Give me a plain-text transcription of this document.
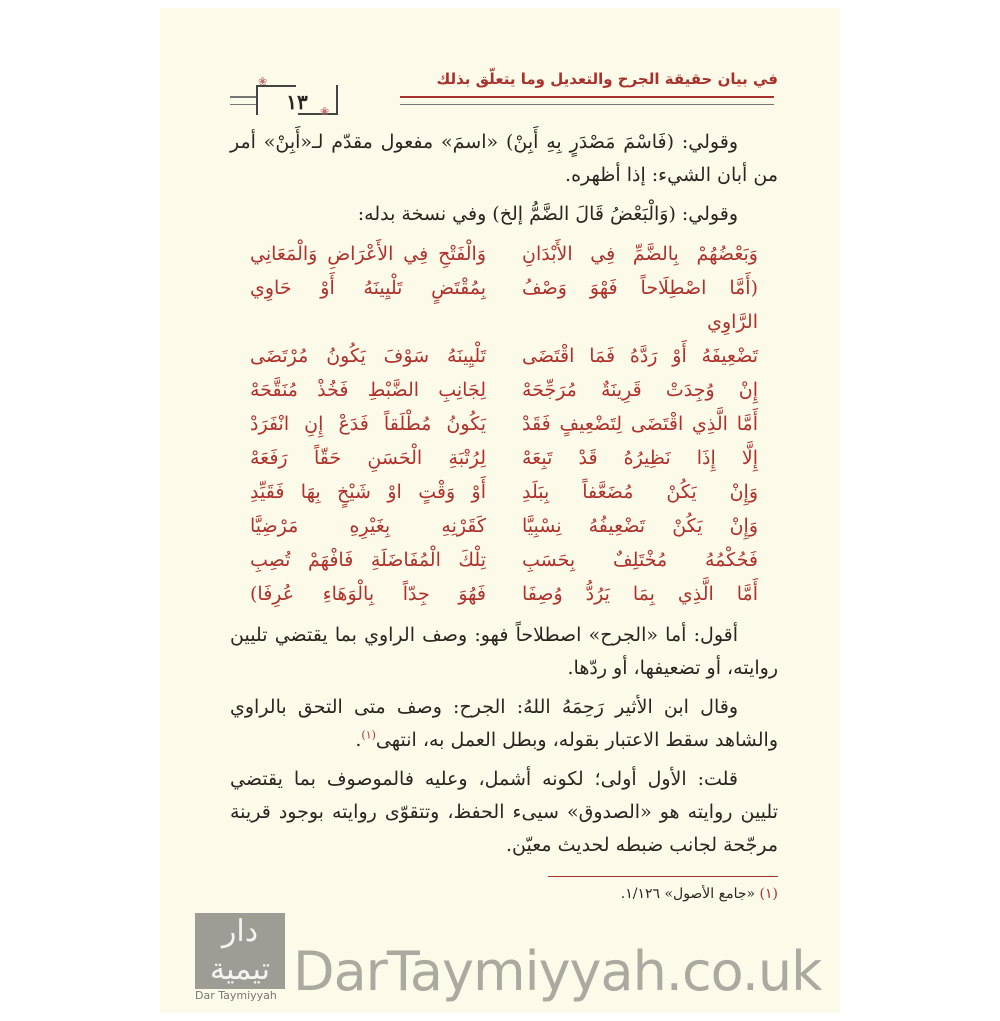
في بيان حقيقة الجرح والتعديل وما يتعلّق بذلك
١٣
❀
❀
وقولي: (فَاسْمَ مَصْدَرٍ بِهِ أَبِنْ) «اسمَ» مفعول مقدّم لـ«أَبِنْ» أمر من أبان الشيء: إذا أظهره.
وقولي: (وَالْبَعْضُ قَالَ الضَّمُّ إلخ) وفي نسخة بدله:
وَبَعْضُهُمْ بِالضَّمِّ فِي الأَبْدَانِ
وَالْفَتْحِ فِي الأَعْرَاضِ وَالْمَعَانِي
(أَمَّا اصْطِلَاحاً فَهْوَ وَصْفُ الرَّاوِي
بِمُقْتَضٍ تَلْيِينَهُ أَوْ حَاوِي
تَضْعِيفَهُ أَوْ رَدَّهُ فَمَا اقْتَضَى
تَلْيِينَهُ سَوْفَ يَكُونُ مُرْتَضَى
إِنْ وُجِدَتْ قَرِينَةٌ مُرَجِّحَهْ
لِجَانِبِ الضَّبْطِ فَخُذْ مُنَقَّحَهْ
أَمَّا الَّذِي اقْتَضَى لِتَضْعِيفٍ فَقَدْ
يَكُونُ مُطْلَقاً فَدَعْ إِنِ انْفَرَدْ
إِلَّا إِذَا نَظِيرُهُ قَدْ تَبِعَهْ
لِرُتْبَةِ الْحَسَنِ حَقّاً رَفَعَهْ
وَإِنْ يَكُنْ مُضَعَّفاً بِبَلَدِ
أَوْ وَقْتٍ اوْ شَيْخٍ بِهَا فَقَيِّدِ
وَإِنْ يَكُنْ تَضْعِيفُهُ نِسْبِيَّا
كَقَرْنِهِ بِغَيْرِهِ مَرْضِيَّا
فَحُكْمُهُ مُخْتَلِفٌ بِحَسَبِ
تِلْكَ الْمُفَاضَلَةِ فَافْهَمْ تُصِبِ
أَمَّا الَّذِي بِمَا يَرُدُّ وُصِفَا
فَهُوَ جِدّاً بِالْوَهَاءِ عُرِفَا)
أقول: أما «الجرح» اصطلاحاً فهو: وصف الراوي بما يقتضي تليين روايته، أو تضعيفها، أو ردّها.
وقال ابن الأثير رَحِمَهُ اللهُ: الجرح: وصف متى التحق بالراوي والشاهد سقط الاعتبار بقوله، وبطل العمل به، انتهى$^{(١)}$.
قلت: الأول أولى؛ لكونه أشمل، وعليه فالموصوف بما يقتضي تليين روايته هو «الصدوق» سيىء الحفظ، وتتقوّى روايته بوجود قرينة مرجّحة لجانب ضبطه لحديث معيّن.
(١) «جامع الأصول» ١/١٢٦.
دار تيمية
Dar Taymiyyah DarTaymiyyah.co.uk
